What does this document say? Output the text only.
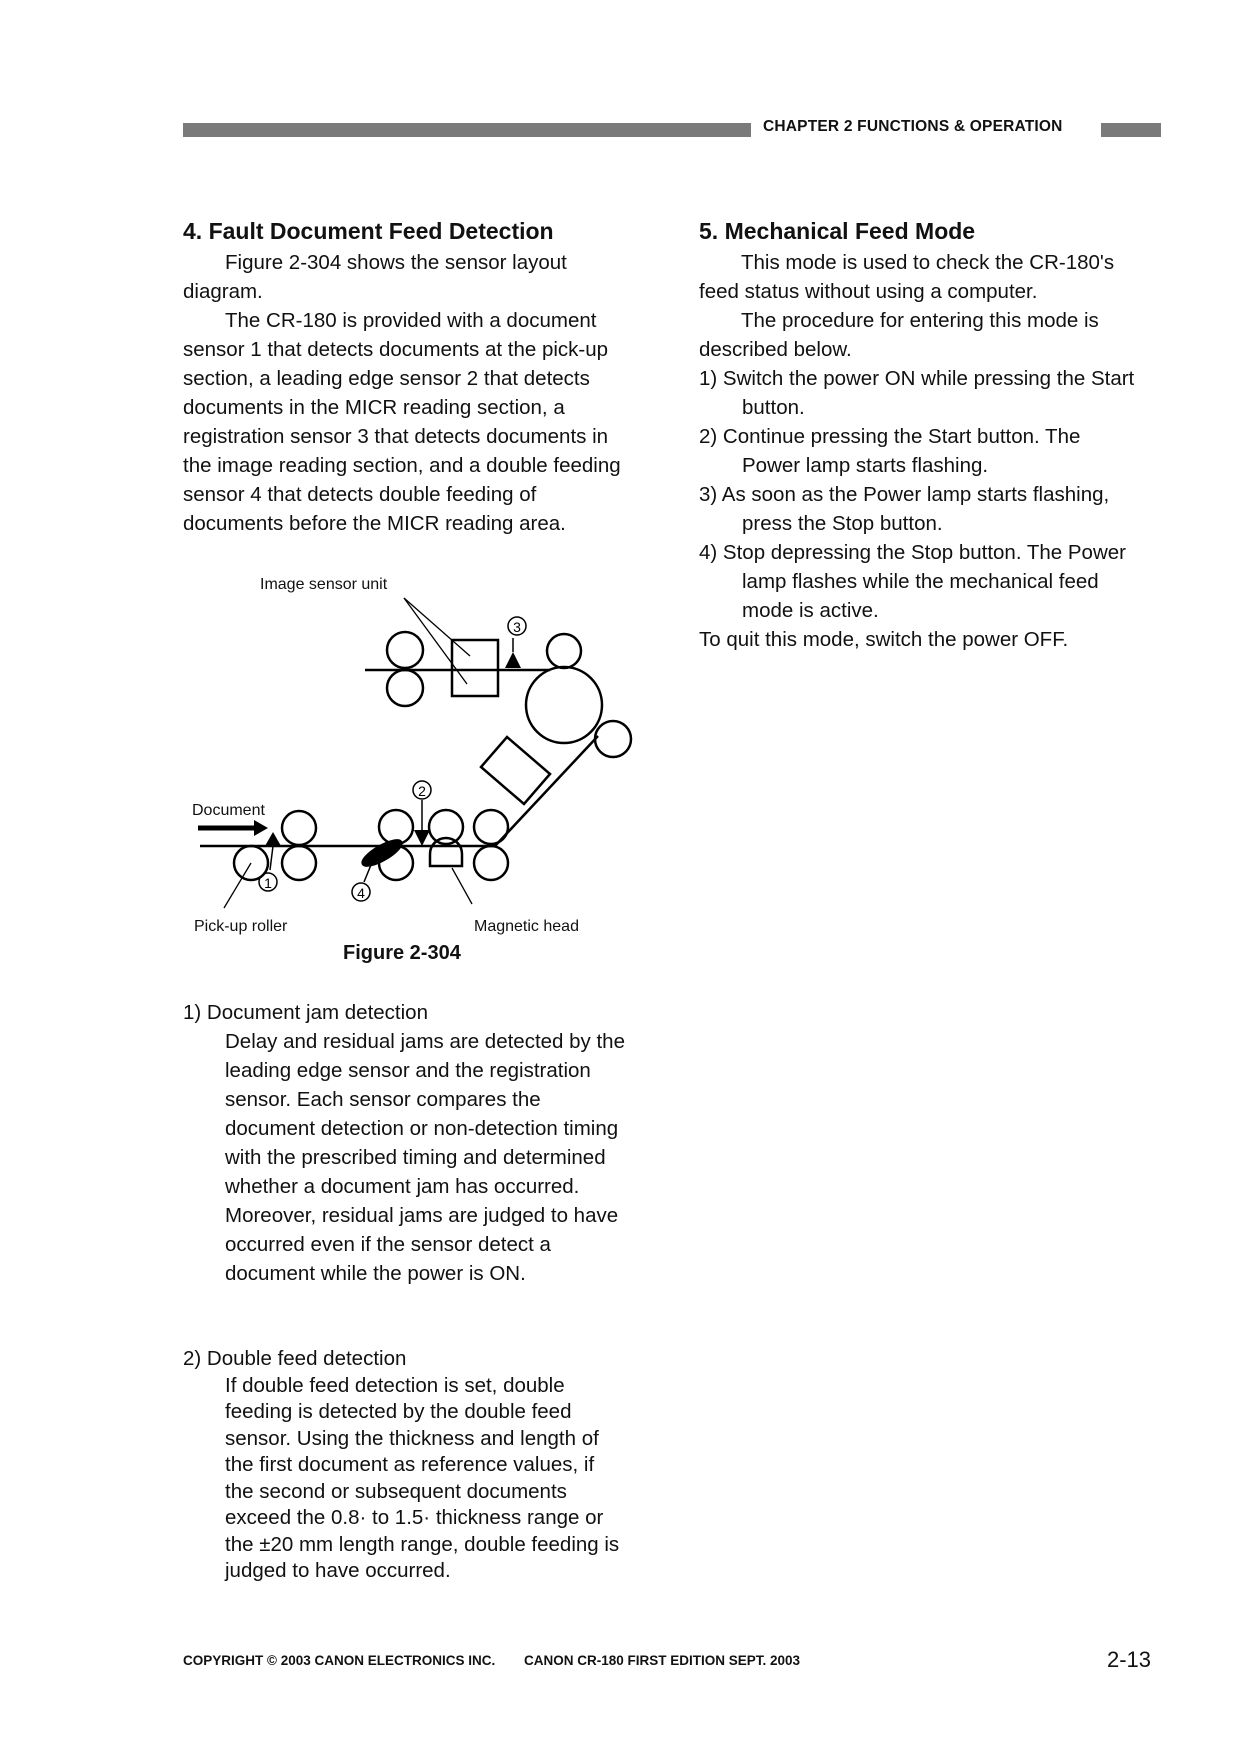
CHAPTER 2 FUNCTIONS & OPERATION
4. Fault Document Feed Detection

Figure 2-304 shows the sensor layout diagram.

The CR-180 is provided with a document sensor 1 that detects documents at the pick-up section, a leading edge sensor 2 that detects documents in the MICR reading section, a registration sensor 3 that detects documents in the image reading section, and a double feeding sensor 4 that detects double feeding of documents before the MICR reading area.

3
1
2
4
Image sensor unit
Document
Pick-up roller	Magnetic head
Figure 2-304

1) Document jam detection

Delay and residual jams are detected by the leading edge sensor and the registration sensor. Each sensor compares the document detection or non-detection timing with the prescribed timing and determined whether a document jam has occurred. Moreover, residual jams are judged to have occurred even if the sensor detect a document while the power is ON.

2) Double feed detection

If double feed detection is set, double feeding is detected by the double feed sensor. Using the thickness and length of the first document as reference values, if the second or subsequent documents exceed the 0.8· to 1.5· thickness range or the ±20 mm length range, double feeding is judged to have occurred.

5. Mechanical Feed Mode

This mode is used to check the CR-180's feed status without using a computer.

The procedure for entering this mode is described below.

1) Switch the power ON while pressing the Start button.

2) Continue pressing the Start button. The Power lamp starts flashing.

3) As soon as the Power lamp starts flashing, press the Stop button.

4) Stop depressing the Stop button. The Power lamp flashes while the mechanical feed mode is active.

To quit this mode, switch the power OFF.

COPYRIGHT © 2003 CANON ELECTRONICS INC. CANON CR-180 FIRST EDITION SEPT. 2003	2-13
